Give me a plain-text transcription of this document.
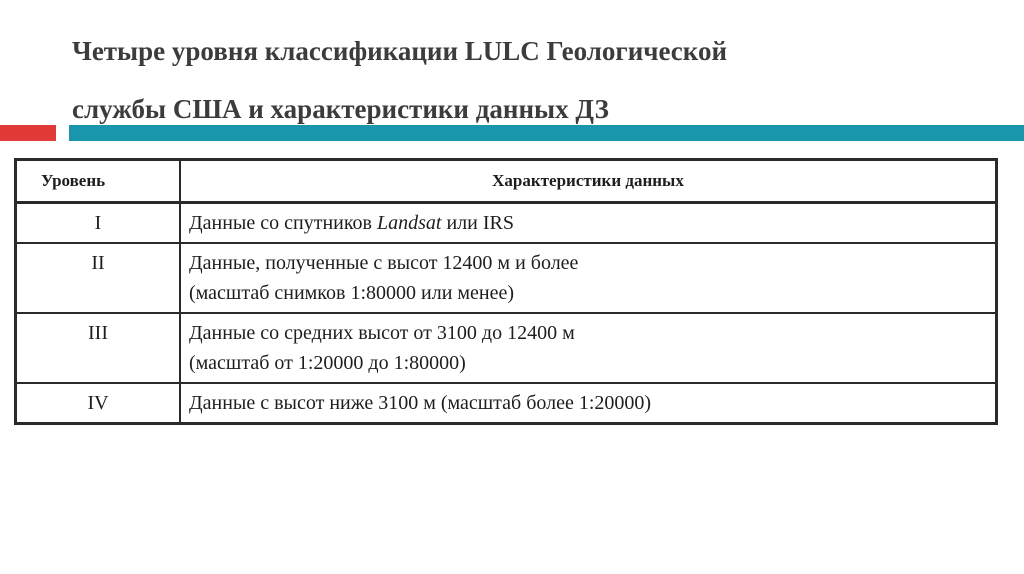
Четыре уровня классификации LULC Геологической
службы США и характеристики данных ДЗ
Уровень	Характеристики данных
I	Данные со спутников Landsat или IRS
II	Данные, полученные с высот 12400 м и более
(масштаб снимков 1:80000 или менее)

III	Данные со средних высот от 3100 до 12400 м
(масштаб от 1:20000 до 1:80000)

IV	Данные с высот ниже 3100 м (масштаб более 1:20000)
